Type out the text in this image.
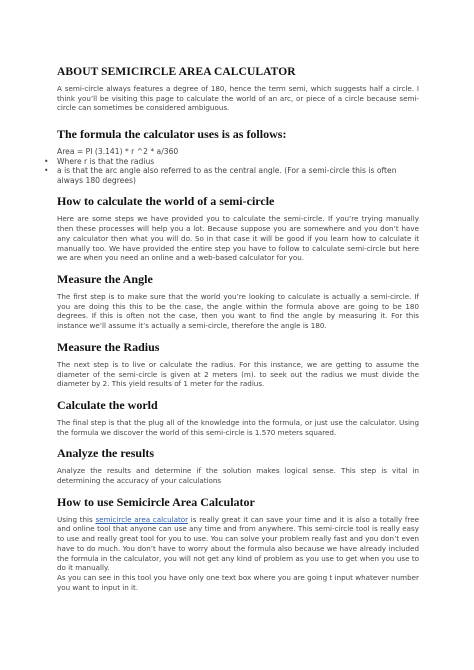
ABOUT SEMICIRCLE AREA CALCULATOR

A semi-circle always features a degree of 180, hence the term semi, which suggests half a circle. I think you’ll be visiting this page to calculate the world of an arc, or piece of a circle because semi-circle can sometimes be considered ambiguous.

The formula the calculator uses is as follows:

Area = PI (3.141) * r ^2 * a/360

• Where r is that the radius
• a is that the arc angle also referred to as the central angle. (For a semi-circle this is often always 180 degrees)
How to calculate the world of a semi-circle

Here are some steps we have provided you to calculate the semi-circle. If you’re trying manually then these processes will help you a lot. Because suppose you are somewhere and you don’t have any calculator then what you will do. So in that case it will be good if you learn how to calculate it manually too. We have provided the entire step you have to follow to calculate semi-circle but here we are when you need an online and a web-based calculator for you.

Measure the Angle

The first step is to make sure that the world you’re looking to calculate is actually a semi-circle. If you are doing this this to be the case, the angle within the formula above are going to be 180 degrees. If this is often not the case, then you want to find the angle by measuring it. For this instance we’ll assume it’s actually a semi-circle, therefore the angle is 180.

Measure the Radius

The next step is to live or calculate the radius. For this instance, we are getting to assume the diameter of the semi-circle is given at 2 meters (m). to seek out the radius we must divide the diameter by 2. This yield results of 1 meter for the radius.

Calculate the world

The final step is that the plug all of the knowledge into the formula, or just use the calculator. Using the formula we discover the world of this semi-circle is 1.570 meters squared.

Analyze the results

Analyze the results and determine if the solution makes logical sense. This step is vital in determining the accuracy of your calculations

How to use Semicircle Area Calculator

Using this semicircle area calculator is really great it can save your time and it is also a totally free and online tool that anyone can use any time and from anywhere. This semi-circle tool is really easy to use and really great tool for you to use. You can solve your problem really fast and you don’t even have to do much. You don’t have to worry about the formula also because we have already included the formula in the calculator, you will not get any kind of problem as you use to get when you use to do it manually.

As you can see in this tool you have only one text box where you are going t input whatever number you want to input in it.
